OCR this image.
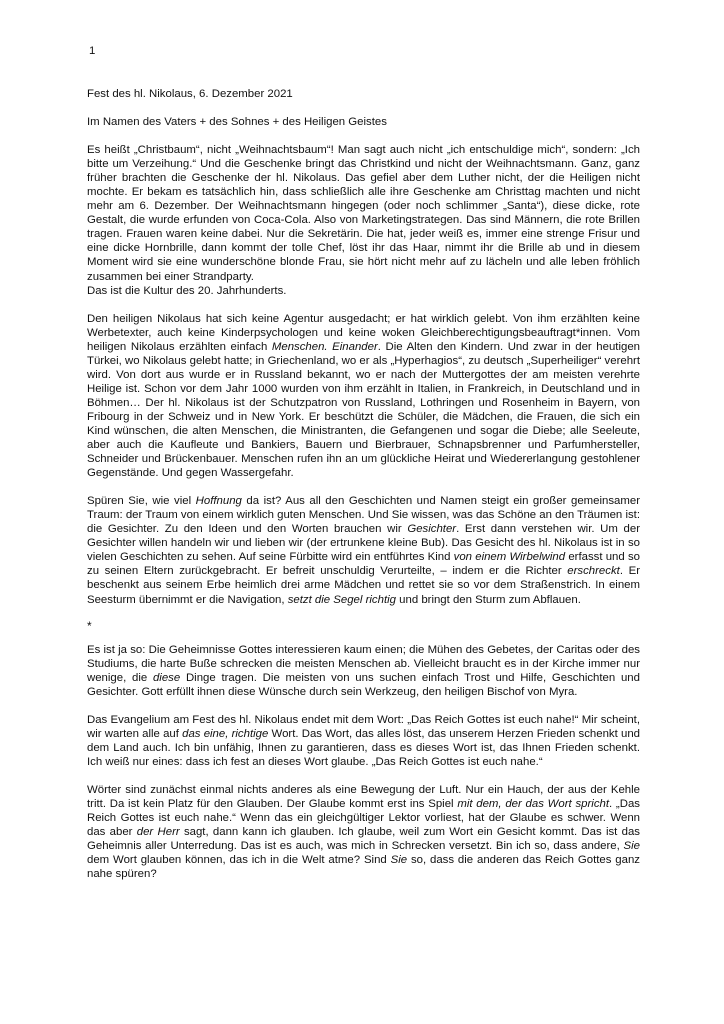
1

Fest des hl. Nikolaus, 6. Dezember 2021

Im Namen des Vaters + des Sohnes + des Heiligen Geistes

Es heißt „Christbaum“, nicht „Weihnachtsbaum“! Man sagt auch nicht „ich entschuldige mich“, sondern: „Ich bitte um Verzeihung.“ Und die Geschenke bringt das Christkind und nicht der Weihnachtsmann. Ganz, ganz früher brachten die Geschenke der hl. Nikolaus. Das gefiel aber dem Luther nicht, der die Heiligen nicht mochte. Er bekam es tatsächlich hin, dass schließlich alle ihre Geschenke am Christtag machten und nicht mehr am 6. Dezember. Der Weihnachtsmann hingegen (oder noch schlimmer „Santa“), diese dicke, rote Gestalt, die wurde erfunden von Coca-Cola. Also von Marketingstrategen. Das sind Männern, die rote Brillen tragen. Frauen waren keine dabei. Nur die Sekretärin. Die hat, jeder weiß es, immer eine strenge Frisur und eine dicke Hornbrille, dann kommt der tolle Chef, löst ihr das Haar, nimmt ihr die Brille ab und in diesem Moment wird sie eine wunderschöne blonde Frau, sie hört nicht mehr auf zu lächeln und alle leben fröhlich zusammen bei einer Strandparty.

Das ist die Kultur des 20. Jahrhunderts.

Den heiligen Nikolaus hat sich keine Agentur ausgedacht; er hat wirklich gelebt. Von ihm erzählten keine Werbetexter, auch keine Kinderpsychologen und keine woken Gleichberechtigungsbeauftragt*innen. Vom heiligen Nikolaus erzählten einfach Menschen. Einander. Die Alten den Kindern. Und zwar in der heutigen Türkei, wo Nikolaus gelebt hatte; in Griechenland, wo er als „Hyperhagios“, zu deutsch „Superheiliger“ verehrt wird. Von dort aus wurde er in Russland bekannt, wo er nach der Muttergottes der am meisten verehrte Heilige ist. Schon vor dem Jahr 1000 wurden von ihm erzählt in Italien, in Frankreich, in Deutschland und in Böhmen… Der hl. Nikolaus ist der Schutzpatron von Russland, Lothringen und Rosenheim in Bayern, von Fribourg in der Schweiz und in New York. Er beschützt die Schüler, die Mädchen, die Frauen, die sich ein Kind wünschen, die alten Menschen, die Ministranten, die Gefangenen und sogar die Diebe; alle Seeleute, aber auch die Kaufleute und Bankiers, Bauern und Bierbrauer, Schnapsbrenner und Parfumhersteller, Schneider und Brückenbauer. Menschen rufen ihn an um glückliche Heirat und Wiedererlangung gestohlener Gegenstände. Und gegen Wassergefahr.

Spüren Sie, wie viel Hoffnung da ist? Aus all den Geschichten und Namen steigt ein großer gemeinsamer Traum: der Traum von einem wirklich guten Menschen. Und Sie wissen, was das Schöne an den Träumen ist: die Gesichter. Zu den Ideen und den Worten brauchen wir Gesichter. Erst dann verstehen wir. Um der Gesichter willen handeln wir und lieben wir (der ertrunkene kleine Bub). Das Gesicht des hl. Nikolaus ist in so vielen Geschichten zu sehen. Auf seine Fürbitte wird ein entführtes Kind von einem Wirbelwind erfasst und so zu seinen Eltern zurückgebracht. Er befreit unschuldig Verurteilte, – indem er die Richter erschreckt. Er beschenkt aus seinem Erbe heimlich drei arme Mädchen und rettet sie so vor dem Straßenstrich. In einem Seesturm übernimmt er die Navigation, setzt die Segel richtig und bringt den Sturm zum Abflauen.

*

Es ist ja so: Die Geheimnisse Gottes interessieren kaum einen; die Mühen des Gebetes, der Caritas oder des Studiums, die harte Buße schrecken die meisten Menschen ab. Vielleicht braucht es in der Kirche immer nur wenige, die diese Dinge tragen. Die meisten von uns suchen einfach Trost und Hilfe, Geschichten und Gesichter. Gott erfüllt ihnen diese Wünsche durch sein Werkzeug, den heiligen Bischof von Myra.

Das Evangelium am Fest des hl. Nikolaus endet mit dem Wort: „Das Reich Gottes ist euch nahe!“ Mir scheint, wir warten alle auf das eine, richtige Wort. Das Wort, das alles löst, das unserem Herzen Frieden schenkt und dem Land auch. Ich bin unfähig, Ihnen zu garantieren, dass es dieses Wort ist, das Ihnen Frieden schenkt. Ich weiß nur eines: dass ich fest an dieses Wort glaube. „Das Reich Gottes ist euch nahe.“

Wörter sind zunächst einmal nichts anderes als eine Bewegung der Luft. Nur ein Hauch, der aus der Kehle tritt. Da ist kein Platz für den Glauben. Der Glaube kommt erst ins Spiel mit dem, der das Wort spricht. „Das Reich Gottes ist euch nahe.“ Wenn das ein gleichgültiger Lektor vorliest, hat der Glaube es schwer. Wenn das aber der Herr sagt, dann kann ich glauben. Ich glaube, weil zum Wort ein Gesicht kommt. Das ist das Geheimnis aller Unterredung. Das ist es auch, was mich in Schrecken versetzt. Bin ich so, dass andere, Sie dem Wort glauben können, das ich in die Welt atme? Sind Sie so, dass die anderen das Reich Gottes ganz nahe spüren?
